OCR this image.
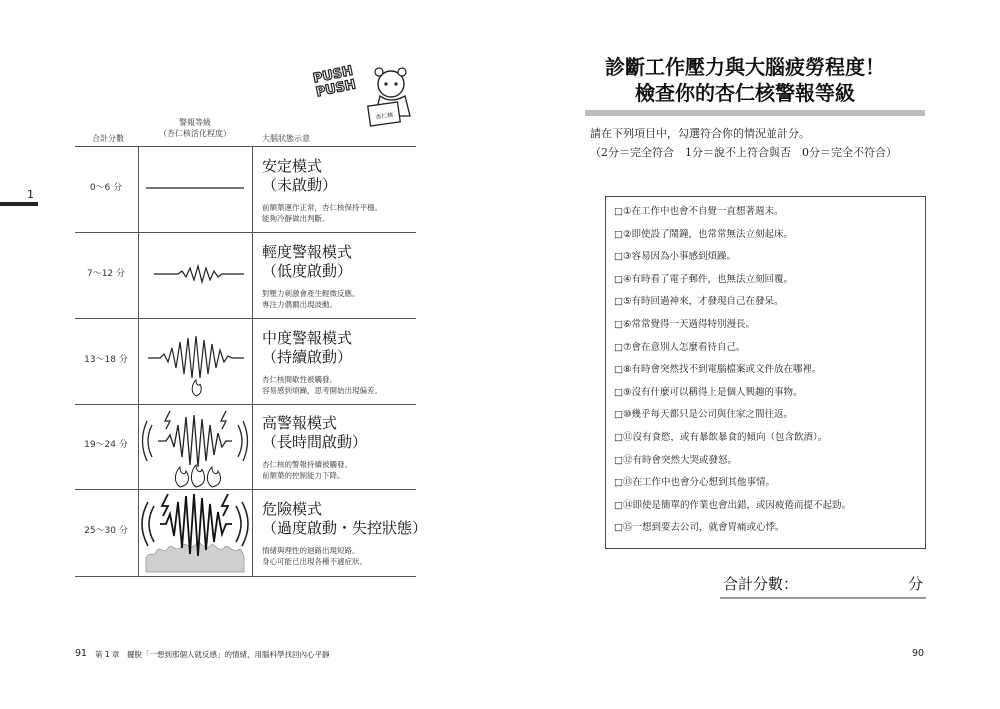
1
PUSH PUSH
杏仁核
合計分數
警報等級
（杏仁核活化程度）
大腦狀態示意
0～6 分
安定模式
（未啟動）
前額葉運作正常，杏仁核保持平穩。
能夠冷靜做出判斷。
7～12 分
輕度警報模式
（低度啟動）
對壓力刺激會產生輕微反應。
專注力偶爾出現波動。
13～18 分
中度警報模式
（持續啟動）
杏仁核間歇性被觸發。
容易感到煩躁，思考開始出現偏差。
19～24 分
高警報模式
（長時間啟動）
杏仁核的警報持續被觸發。
前額葉的控制能力下降。
25～30 分
危險模式
（過度啟動・失控狀態）
情緒與理性的迴路出現短路。
身心可能已出現各種不適症狀。
91 第 1 章　擺脫「一想到那個人就反感」的情緒，用腦科學找回內心平靜
診斷工作壓力與大腦疲勞程度！
檢查你的杏仁核警報等級
請在下列項目中，勾選符合你的情況並計分。
（2分＝完全符合　1分＝說不上符合與否　0分＝完全不符合）
□①在工作中也會不自覺一直想著週末。
□②即使設了鬧鐘，也常常無法立刻起床。
□③容易因為小事感到煩躁。
□④有時看了電子郵件，也無法立刻回覆。
□⑤有時回過神來，才發現自己在發呆。
□⑥常常覺得一天過得特別漫長。
□⑦會在意別人怎麼看待自己。
□⑧有時會突然找不到電腦檔案或文件放在哪裡。
□⑨沒有什麼可以稱得上是個人興趣的事物。
□⑩幾乎每天都只是公司與住家之間往返。
□⑪沒有食慾，或有暴飲暴食的傾向（包含飲酒）。
□⑫有時會突然大哭或發怒。
□⑬在工作中也會分心想到其他事情。
□⑭即使是簡單的作業也會出錯，或因疲倦而提不起勁。
□⑮一想到要去公司，就會胃痛或心悸。
合計分數：	分
90
